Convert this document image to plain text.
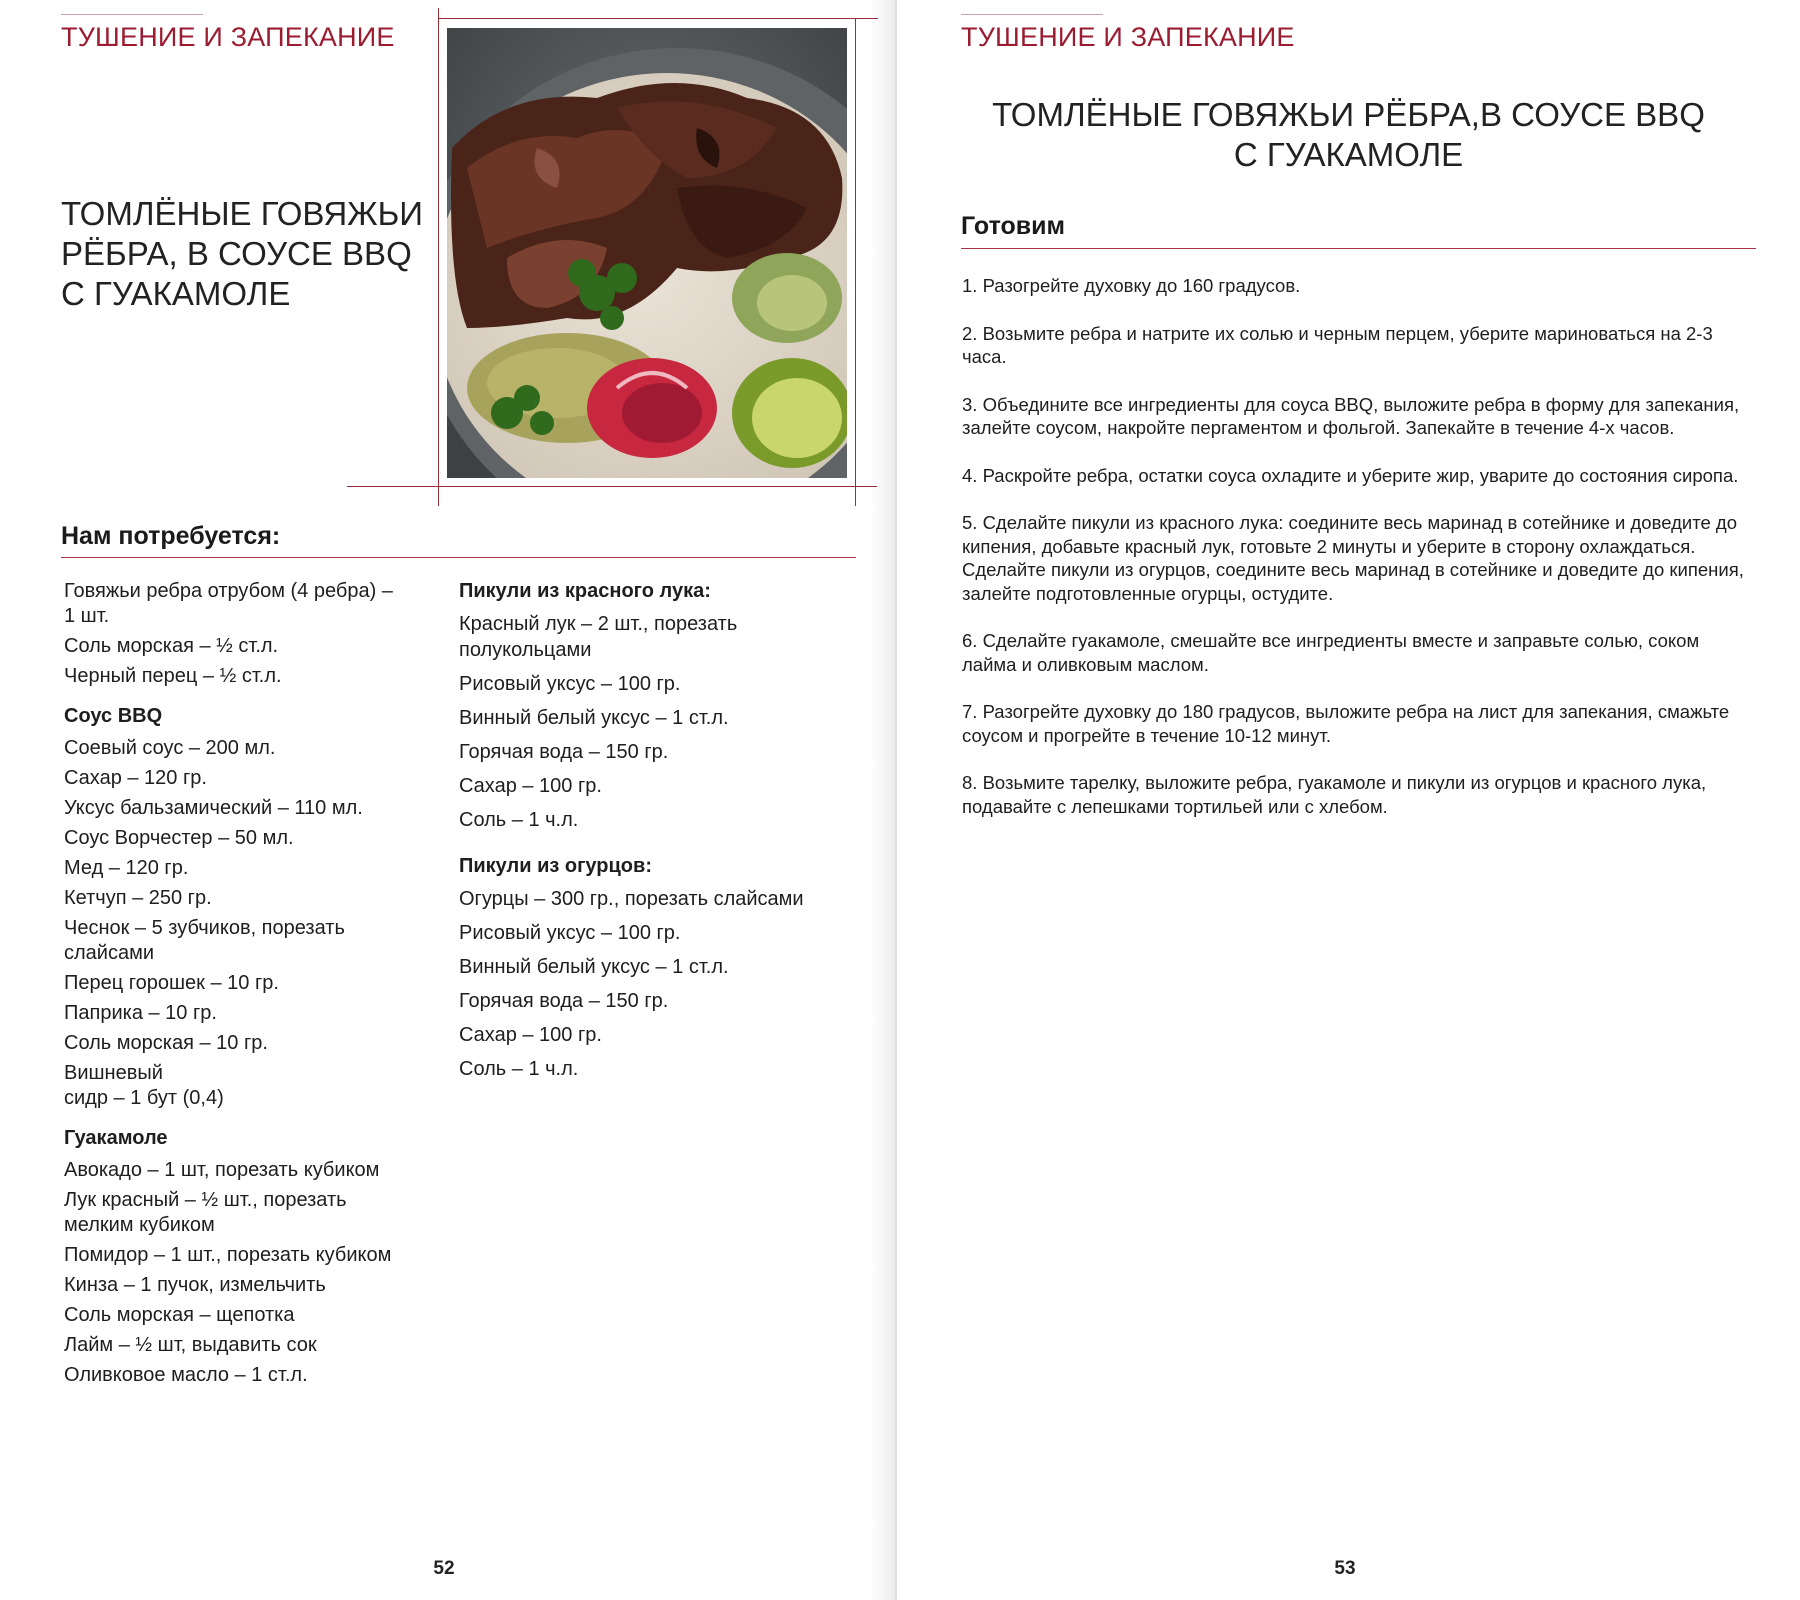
ТУШЕНИЕ И ЗАПЕКАНИЕ
ТОМЛЁНЫЕ ГОВЯЖЬИ
РЁБРА, В СОУСЕ BBQ
С ГУАКАМОЛЕ
Нам потребуется:
Говяжьи ребра отрубом (4 ребра) –
1 шт.
Соль морская – ½ ст.л.
Черный перец – ½ ст.л.
Соус BBQ
Соевый соус – 200 мл.
Сахар – 120 гр.
Уксус бальзамический – 110 мл.
Соус Ворчестер – 50 мл.
Мед – 120 гр.
Кетчуп – 250 гр.
Чеснок – 5 зубчиков, порезать
слайсами
Перец горошек – 10 гр.
Паприка – 10 гр.
Соль морская – 10 гр.
Вишневый
сидр – 1 бут (0,4)
Гуакамоле
Авокадо – 1 шт, порезать кубиком
Лук красный – ½ шт., порезать
мелким кубиком
Помидор – 1 шт., порезать кубиком
Кинза – 1 пучок, измельчить
Соль морская – щепотка
Лайм – ½ шт, выдавить сок
Оливковое масло – 1 ст.л.
Пикули из красного лука:
Красный лук – 2 шт., порезать
полукольцами
Рисовый уксус – 100 гр.
Винный белый уксус – 1 ст.л.
Горячая вода – 150 гр.
Сахар – 100 гр.
Соль – 1 ч.л.
Пикули из огурцов:
Огурцы – 300 гр., порезать слайсами
Рисовый уксус – 100 гр.
Винный белый уксус – 1 ст.л.
Горячая вода – 150 гр.
Сахар – 100 гр.
Соль – 1 ч.л.
52
ТУШЕНИЕ И ЗАПЕКАНИЕ
ТОМЛЁНЫЕ ГОВЯЖЬИ РЁБРА,В СОУСЕ BBQ
С ГУАКАМОЛЕ
Готовим
1. Разогрейте духовку до 160 градусов.
2. Возьмите ребра и натрите их солью и черным перцем, уберите мариноваться на 2-3 часа.
3. Объедините все ингредиенты для соуса BBQ, выложите ребра в форму для запекания, залейте соусом, накройте пергаментом и фольгой. Запекайте в течение 4-х часов.
4. Раскройте ребра, остатки соуса охладите и уберите жир, уварите до состояния сиропа.
5. Сделайте пикули из красного лука: соедините весь маринад в сотейнике и доведите до кипения, добавьте красный лук, готовьте 2 минуты и уберите в сторону охлаждаться. Сделайте пикули из огурцов, соедините весь маринад в сотейнике и доведите до кипения, залейте подготовленные огурцы, остудите.
6. Сделайте гуакамоле, смешайте все ингредиенты вместе и заправьте солью, соком лайма и оливковым маслом.
7. Разогрейте духовку до 180 градусов, выложите ребра на лист для запекания, смажьте соусом и прогрейте в течение 10-12 минут.
8. Возьмите тарелку, выложите ребра, гуакамоле и пикули из огурцов и красного лука, подавайте с лепешками тортильей или с хлебом.
53
